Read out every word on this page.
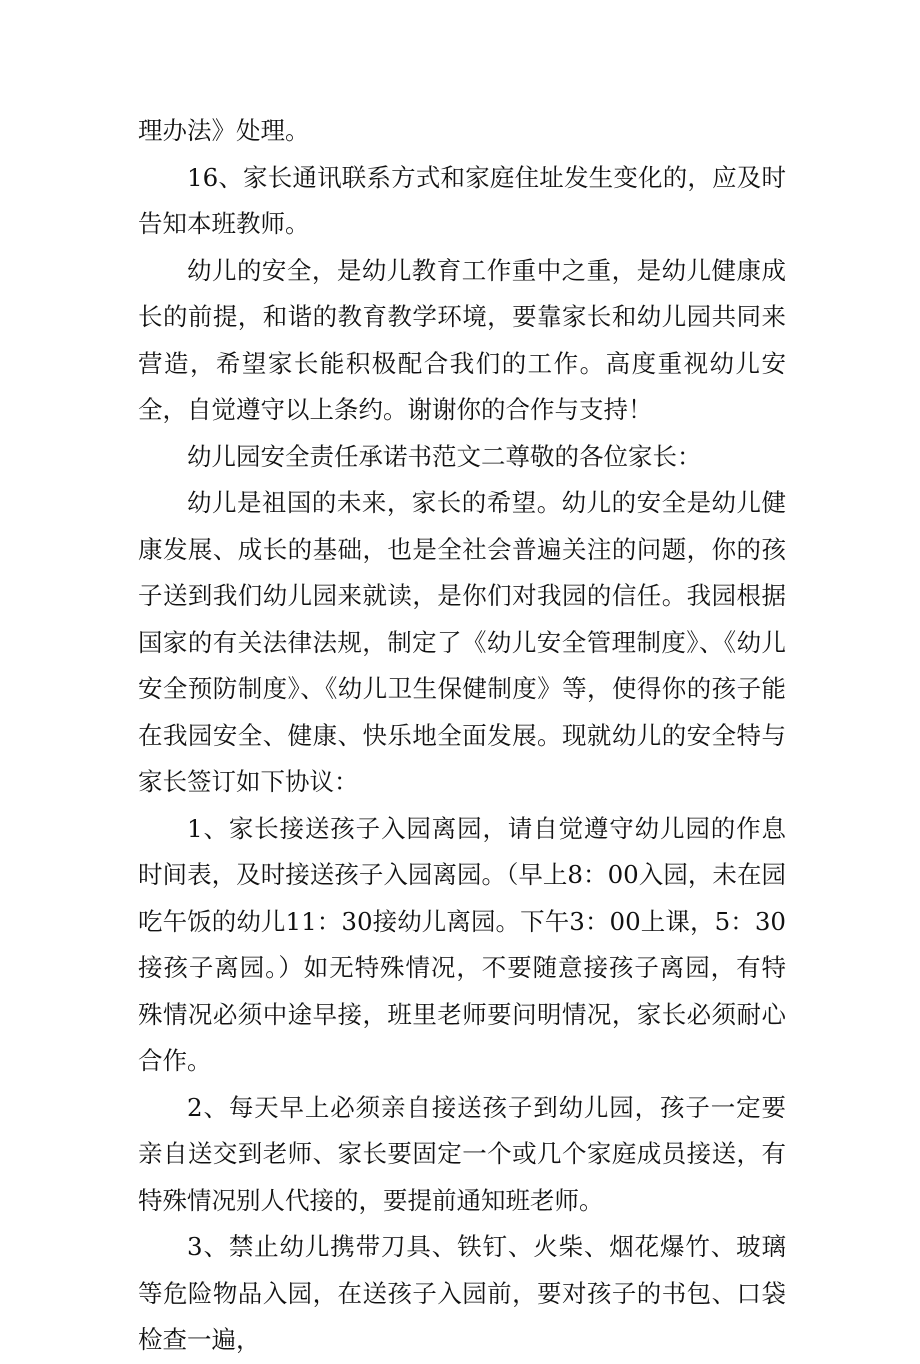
理办法》处理。

16、家长通讯联系方式和家庭住址发生变化的，应及时告知本班教师。

幼儿的安全，是幼儿教育工作重中之重，是幼儿健康成长的前提，和谐的教育教学环境，要靠家长和幼儿园共同来营造，希望家长能积极配合我们的工作。高度重视幼儿安全，自觉遵守以上条约。谢谢你的合作与支持！

幼儿园安全责任承诺书范文二尊敬的各位家长：

幼儿是祖国的未来，家长的希望。幼儿的安全是幼儿健康发展、成长的基础，也是全社会普遍关注的问题，你的孩子送到我们幼儿园来就读，是你们对我园的信任。我园根据国家的有关法律法规，制定了《幼儿安全管理制度》、《幼儿安全预防制度》、《幼儿卫生保健制度》等，使得你的孩子能在我园安全、健康、快乐地全面发展。现就幼儿的安全特与家长签订如下协议：

1、家长接送孩子入园离园，请自觉遵守幼儿园的作息时间表，及时接送孩子入园离园。（早上8：00入园，未在园吃午饭的幼儿11：30接幼儿离园。下午3：00上课，5：30接孩子离园。）如无特殊情况，不要随意接孩子离园，有特殊情况必须中途早接，班里老师要问明情况，家长必须耐心合作。

2、每天早上必须亲自接送孩子到幼儿园，孩子一定要亲自送交到老师、家长要固定一个或几个家庭成员接送，有特殊情况别人代接的，要提前通知班老师。

3、禁止幼儿携带刀具、铁钉、火柴、烟花爆竹、玻璃等危险物品入园，在送孩子入园前，要对孩子的书包、口袋检查一遍，
